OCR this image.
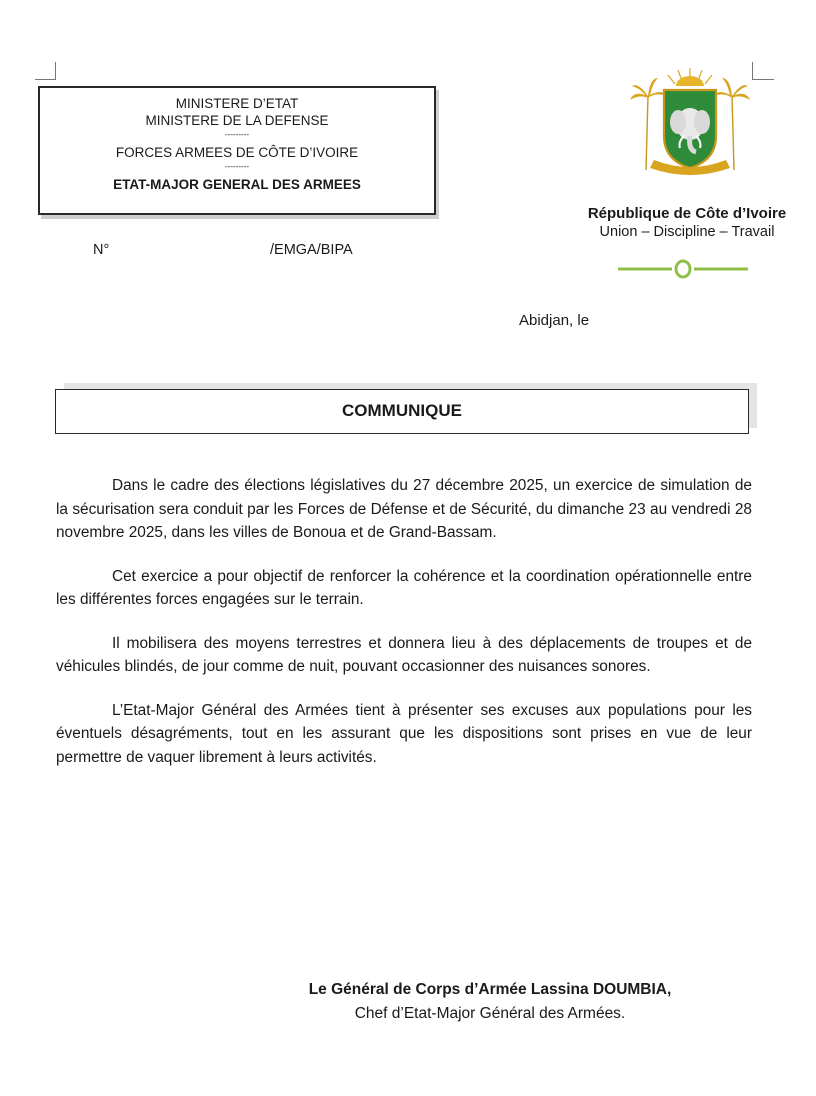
MINISTERE D’ETAT
MINISTERE DE LA DEFENSE
---------
FORCES ARMEES DE CÔTE D’IVOIRE
---------
ETAT-MAJOR GENERAL DES ARMEES
République de Côte d’Ivoire
Union – Discipline – Travail
N°	/EMGA/BIPA
Abidjan, le
COMMUNIQUE

Dans le cadre des élections législatives du 27 décembre 2025, un exercice de simulation de la sécurisation sera conduit par les Forces de Défense et de Sécurité, du dimanche 23 au vendredi 28 novembre 2025, dans les villes de Bonoua et de Grand-Bassam.

Cet exercice a pour objectif de renforcer la cohérence et la coordination opérationnelle entre les différentes forces engagées sur le terrain.

Il mobilisera des moyens terrestres et donnera lieu à des déplacements de troupes et de véhicules blindés, de jour comme de nuit, pouvant occasionner des nuisances sonores.

L’Etat-Major Général des Armées tient à présenter ses excuses aux populations pour les éventuels désagréments, tout en les assurant que les dispositions sont prises en vue de leur permettre de vaquer librement à leurs activités.

Le Général de Corps d’Armée Lassina DOUMBIA,
Chef d’Etat-Major Général des Armées.
